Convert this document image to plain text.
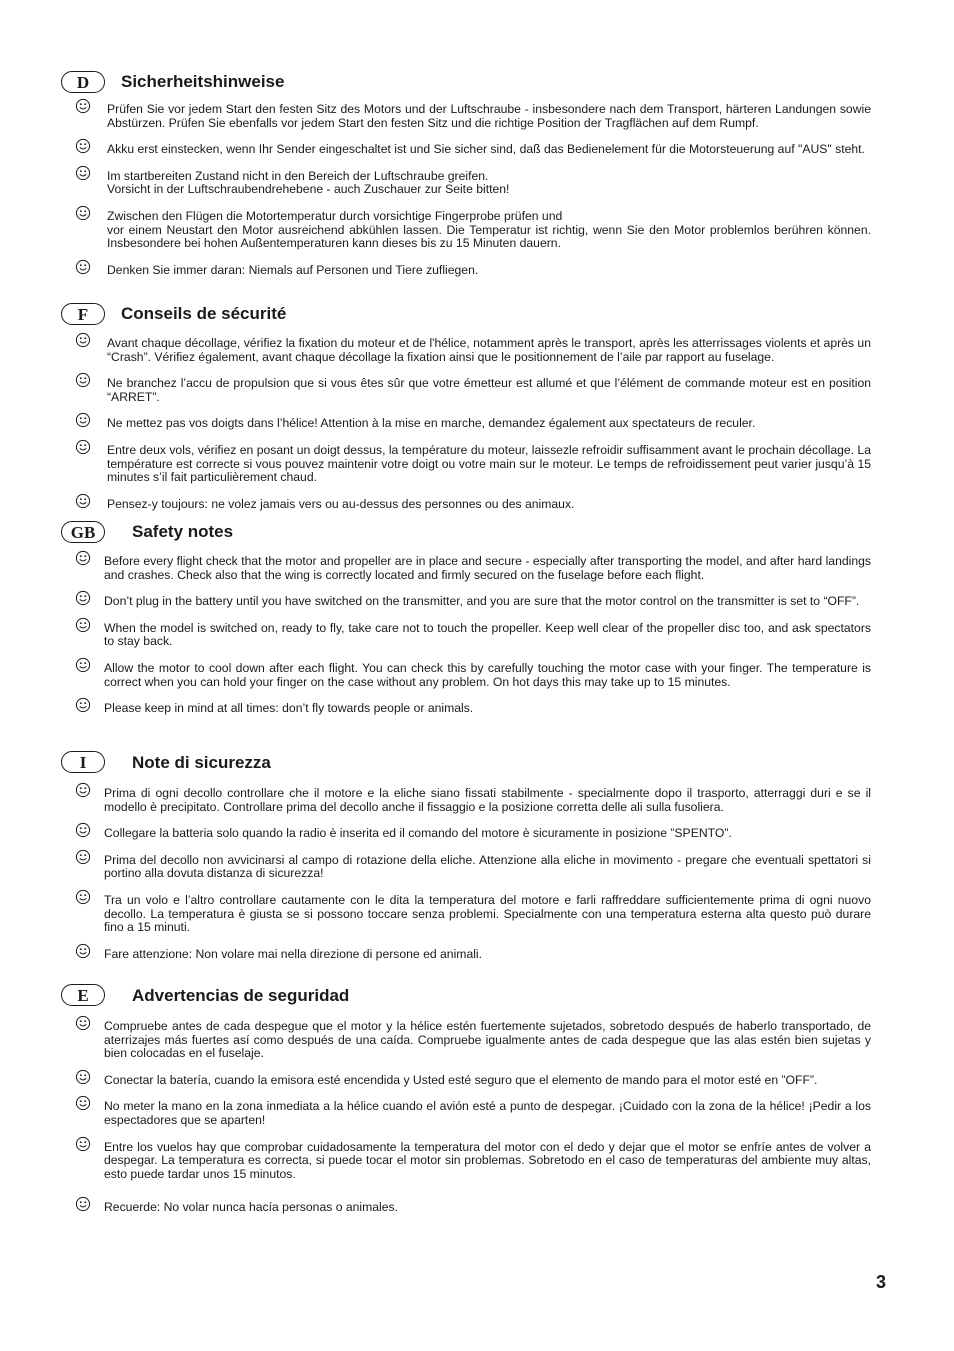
D	Sicherheitshinweise
Prüfen Sie vor jedem Start den festen Sitz des Motors und der Luftschraube - insbesondere nach dem Transport, härteren Landungen sowie Abstürzen. Prüfen Sie ebenfalls vor jedem Start den festen Sitz und die richtige Position der Tragflächen auf dem Rumpf.
Akku erst einstecken, wenn Ihr Sender eingeschaltet ist und Sie sicher sind, daß das Bedienelement für die Motorsteuerung auf "AUS" steht.
Im startbereiten Zustand nicht in den Bereich der Luftschraube greifen.
Vorsicht in der Luftschraubendrehebene - auch Zuschauer zur Seite bitten!
Zwischen den Flügen die Motortemperatur durch vorsichtige Fingerprobe prüfen und
vor einem Neustart den Motor ausreichend abkühlen lassen. Die Temperatur ist richtig, wenn Sie den Motor problemlos berühren können. Insbesondere bei hohen Außentemperaturen kann dieses bis zu 15 Minuten dauern.
Denken Sie immer daran: Niemals auf Personen und Tiere zufliegen.
F	Conseils de sécurité
Avant chaque décollage, vérifiez la fixation du moteur et de l'hélice, notamment après le transport, après les atterrissages violents et après un “Crash”. Vérifiez également, avant chaque décollage la fixation ainsi que le positionnement de l’aile par rapport au fuselage.
Ne branchez l’accu de propulsion que si vous êtes sûr que votre émetteur est allumé et que l’élément de commande moteur est en position “ARRET”.
Ne mettez pas vos doigts dans l’hélice! Attention à la mise en marche, demandez également aux spectateurs de reculer.
Entre deux vols, vérifiez en posant un doigt dessus, la température du moteur, laissezle refroidir suffisamment avant le prochain décollage. La température est correcte si vous pouvez maintenir votre doigt ou votre main sur le moteur. Le temps de refroidissement peut varier jusqu’à 15 minutes s’il fait particulièrement chaud.
Pensez-y toujours: ne volez jamais vers ou au-dessus des personnes ou des animaux.
GB	Safety notes
Before every flight check that the motor and propeller are in place and secure - especially after transporting the model, and after hard landings and crashes. Check also that the wing is correctly located and firmly secured on the fuselage before each flight.
Don’t plug in the battery until you have switched on the transmitter, and you are sure that the motor control on the transmitter is set to “OFF”.
When the model is switched on, ready to fly, take care not to touch the propeller. Keep well clear of the propeller disc too, and ask spectators to stay back.
Allow the motor to cool down after each flight. You can check this by carefully touching the motor case with your finger. The temperature is correct when you can hold your finger on the case without any problem. On hot days this may take up to 15 minutes.
Please keep in mind at all times: don’t fly towards people or animals.
I	Note di sicurezza
Prima di ogni decollo controllare che il motore e la eliche siano fissati stabilmente - specialmente dopo il trasporto, atterraggi duri e se il modello è precipitato. Controllare prima del decollo anche il fissaggio e la posizione corretta delle ali sulla fusoliera.
Collegare la batteria solo quando la radio è inserita ed il comando del motore è sicuramente in posizione ”SPENTO”.
Prima del decollo non avvicinarsi al campo di rotazione della eliche. Attenzione alla eliche in movimento - pregare che eventuali spettatori si portino alla dovuta distanza di sicurezza!
Tra un volo e l’altro controllare cautamente con le dita la temperatura del motore e farli raffreddare sufficientemente prima di ogni nuovo decollo. La temperatura è giusta se si possono toccare senza problemi. Specialmente con una temperatura esterna alta questo può durare fino a 15 minuti.
Fare attenzione: Non volare mai nella direzione di persone ed animali.
E	Advertencias de seguridad
Compruebe antes de cada despegue que el motor y la hélice estén fuertemente sujetados, sobretodo después de haberlo transportado, de aterrizajes más fuertes así como después de una caída. Compruebe igualmente antes de cada despegue que las alas estén bien sujetas y bien colocadas en el fuselaje.
Conectar la batería, cuando la emisora esté encendida y Usted esté seguro que el elemento de mando para el motor esté en ”OFF”.
No meter la mano en la zona inmediata a la hélice cuando el avión esté a punto de despegar. ¡Cuidado con la zona de la hélice! ¡Pedir a los espectadores que se aparten!
Entre los vuelos hay que comprobar cuidadosamente la temperatura del motor con el dedo y dejar que el motor se enfríe antes de volver a despegar. La temperatura es correcta, si puede tocar el motor sin problemas. Sobretodo en el caso de temperaturas del ambiente muy altas, esto puede tardar unos 15 minutos.
Recuerde: No volar nunca hacía personas o animales.
3
